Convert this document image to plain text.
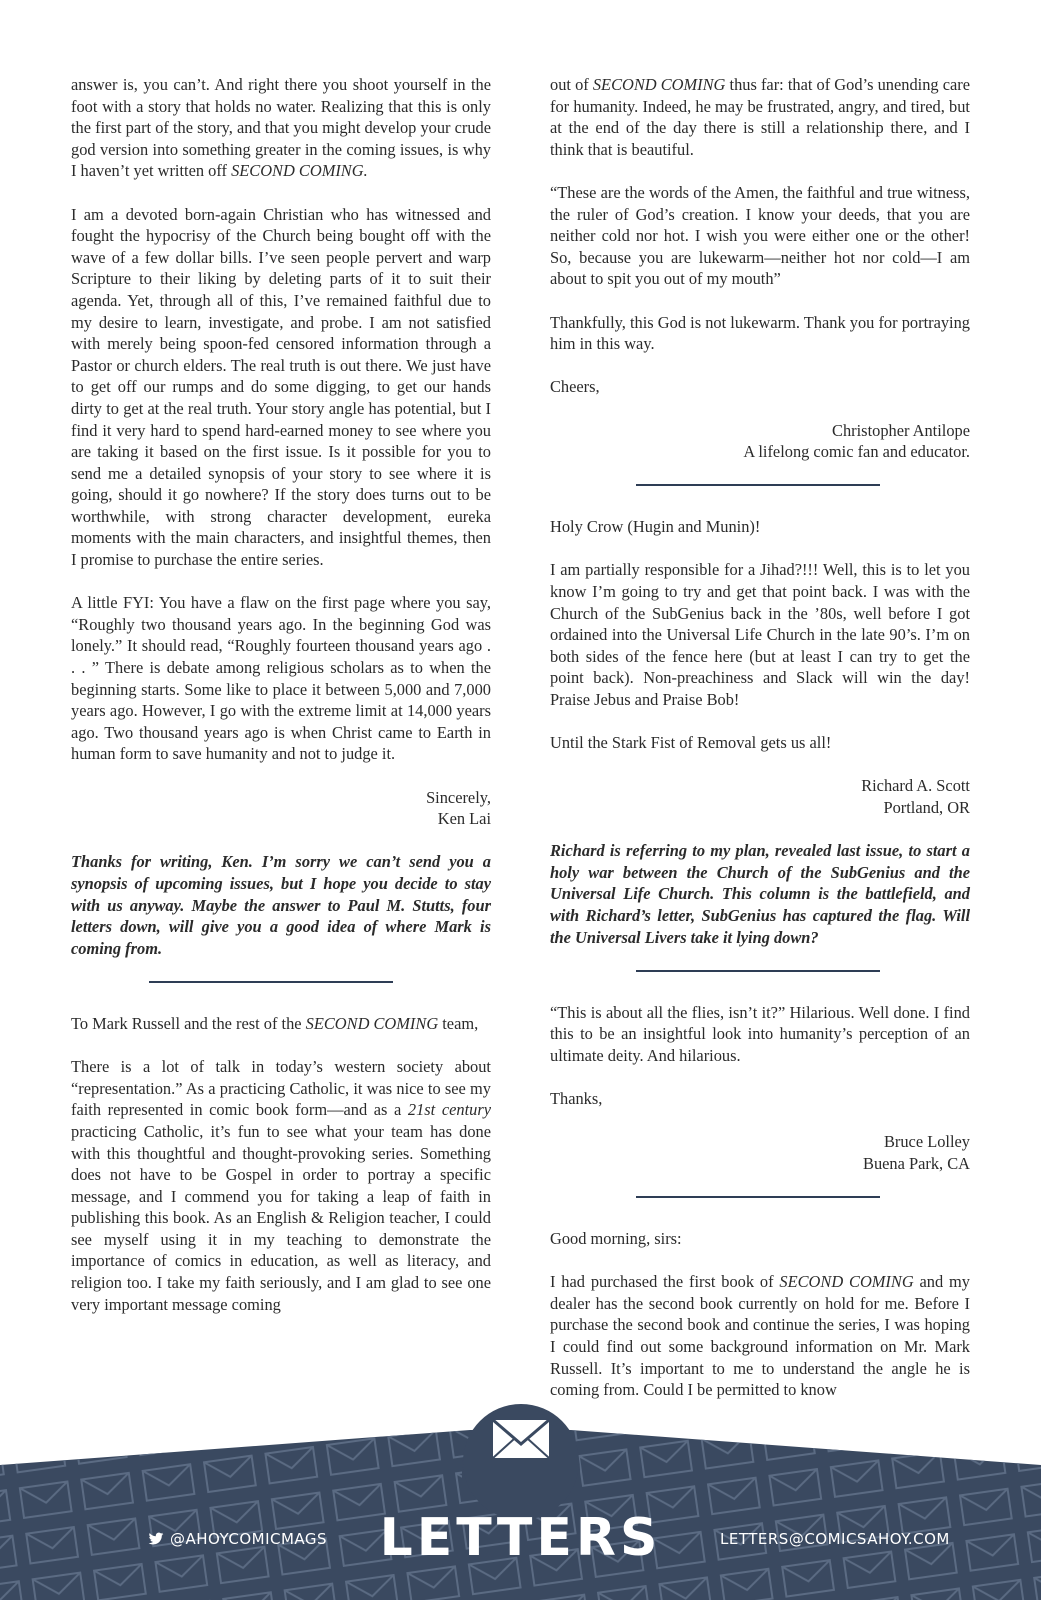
answer is, you can’t. And right there you shoot yourself in the foot with a story that holds no water. Realizing that this is only the first part of the story, and that you might develop your crude god version into something greater in the coming issues, is why I haven’t yet written off SECOND COMING.

I am a devoted born-again Christian who has witnessed and fought the hypocrisy of the Church being bought off with the wave of a few dollar bills. I’ve seen people pervert and warp Scripture to their liking by deleting parts of it to suit their agenda. Yet, through all of this, I’ve remained faithful due to my desire to learn, investigate, and probe. I am not satisfied with merely being spoon-fed censored information through a Pastor or church elders. The real truth is out there. We just have to get off our rumps and do some digging, to get our hands dirty to get at the real truth. Your story angle has potential, but I find it very hard to spend hard-earned money to see where you are taking it based on the first issue. Is it possible for you to send me a detailed synopsis of your story to see where it is going, should it go nowhere? If the story does turns out to be worthwhile, with strong character development, eureka moments with the main characters, and insightful themes, then I promise to purchase the entire series.

A little FYI: You have a flaw on the first page where you say, “Roughly two thousand years ago. In the beginning God was lonely.” It should read, “Roughly fourteen thousand years ago . . . ” There is debate among religious scholars as to when the beginning starts. Some like to place it between 5,000 and 7,000 years ago. However, I go with the extreme limit at 14,000 years ago. Two thousand years ago is when Christ came to Earth in human form to save humanity and not to judge it.

Sincerely,
Ken Lai

Thanks for writing, Ken. I’m sorry we can’t send you a synopsis of upcoming issues, but I hope you decide to stay with us anyway. Maybe the answer to Paul M. Stutts, four letters down, will give you a good idea of where Mark is coming from.

To Mark Russell and the rest of the SECOND COMING team,

There is a lot of talk in today’s western society about “representation.” As a practicing Catholic, it was nice to see my faith represented in comic book form—and as a 21st century practicing Catholic, it’s fun to see what your team has done with this thoughtful and thought-provoking series. Something does not have to be Gospel in order to portray a specific message, and I commend you for taking a leap of faith in publishing this book. As an English & Religion teacher, I could see myself using it in my teaching to demonstrate the importance of comics in education, as well as literacy, and religion too. I take my faith seriously, and I am glad to see one very important message coming

out of SECOND COMING thus far: that of God’s unending care for humanity. Indeed, he may be frustrated, angry, and tired, but at the end of the day there is still a relationship there, and I think that is beautiful.

“These are the words of the Amen, the faithful and true witness, the ruler of God’s creation. I know your deeds, that you are neither cold nor hot. I wish you were either one or the other! So, because you are lukewarm—neither hot nor cold—I am about to spit you out of my mouth”

Thankfully, this God is not lukewarm. Thank you for portraying him in this way.

Cheers,

Christopher Antilope
A lifelong comic fan and educator.

Holy Crow (Hugin and Munin)!

I am partially responsible for a Jihad?!!! Well, this is to let you know I’m going to try and get that point back. I was with the Church of the SubGenius back in the ’80s, well before I got ordained into the Universal Life Church in the late 90’s. I’m on both sides of the fence here (but at least I can try to get the point back). Non-preachiness and Slack will win the day! Praise Jebus and Praise Bob!

Until the Stark Fist of Removal gets us all!

Richard A. Scott
Portland, OR

Richard is referring to my plan, revealed last issue, to start a holy war between the Church of the SubGenius and the Universal Life Church. This column is the battlefield, and with Richard’s letter, SubGenius has captured the flag. Will the Universal Livers take it lying down?

“This is about all the flies, isn’t it?” Hilarious. Well done. I find this to be an insightful look into humanity’s perception of an ultimate deity. And hilarious.

Thanks,

Bruce Lolley
Buena Park, CA

Good morning, sirs:

I had purchased the first book of SECOND COMING and my dealer has the second book currently on hold for me. Before I purchase the second book and continue the series, I was hoping I could find out some background information on Mr. Mark Russell. It’s important to me to understand the angle he is coming from. Could I be permitted to know

@AHOYCOMICMAGS	LETTERS	LETTERS@COMICSAHOY.COM
